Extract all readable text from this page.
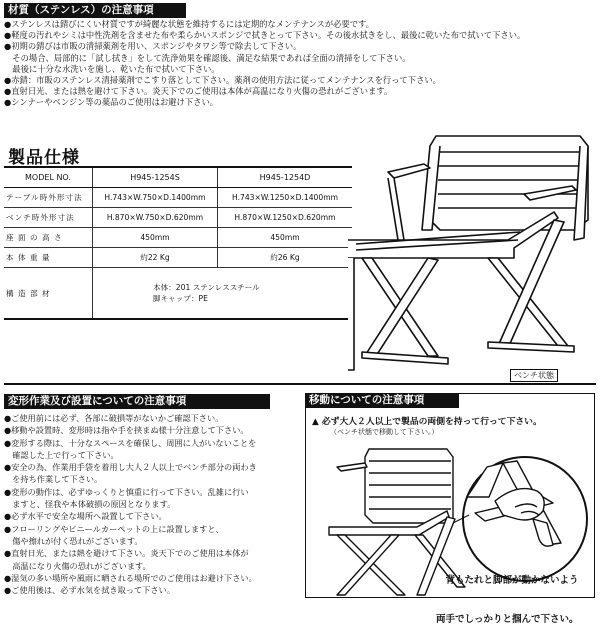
材質（ステンレス）の注意事項
●ステンレスは錆びにくい材質ですが綺麗な状態を維持するには定期的なメンテナンスが必要です。
●軽度の汚れやシミは中性洗剤を含ませた布や柔らかいスポンジで拭きとって下さい。その後水拭きをし、最後に乾いた布で拭いて下さい。
●初期の錆びは市販の清掃薬剤を用い、スポンジやタワシ等で除去して下さい。
　その場合、局部的に「試し拭き」をして洗浄効果を確認後、満足な結果であれば全面の清掃をして下さい。
　最後に十分な水洗いを施し、乾いた布で拭いて下さい。
●赤錆：市販のステンレス清掃薬剤でこすり落として下さい。薬剤の使用方法に従ってメンテナンスを行って下さい。
●直射日光、または熱を避けて下さい。炎天下でのご使用は本体が高温になり火傷の恐れがございます。
●シンナーやベンジン等の薬品のご使用はお避け下さい。
製品仕様
MODEL NO.	H945-1254S	H945-1254D
テーブル時外形寸法	H.743×W.750×D.1400mm	H.743×W.1250×D.1400mm
ベンチ時外形寸法	H.870×W.750×D.620mm	H.870×W.1250×D.620mm
座 面 の 高 さ	450mm	450mm
本 体 重 量	約22 Kg	約26 Kg
構 造 部 材	本体：201 ステンレススチール
脚キャップ：PE	
ベンチ状態
変形作業及び設置についての注意事項
●ご使用前には必ず、各部に破損等がないかご確認下さい。
●移動や設置時、変形時は指や手を挟まぬ様十分注意して下さい。
●変形する際は、十分なスペースを確保し、周囲に人がいないことを
　確認した上で行って下さい。
●安全の為、作業用手袋を着用し大人２人以上でベンチ部分の両わき
　を持ち作業して下さい。
●変形の動作は、必ずゆっくりと慎重に行って下さい。乱雑に行い
　ますと、怪我や本体破損の原因となります。
●必ず水平で安全な場所へ設置して下さい。
●フローリングやビニールカーペットの上に設置しますと、
　傷や擦れが付く恐れがございます。
●直射日光、または熱を避けて下さい。炎天下でのご使用は本体が
　高温になり火傷の恐れがございます。
●湿気の多い場所や風雨に晒される場所でのご使用はお避け下さい。
●ご使用後は、必ず水気を拭き取って下さい。
移動についての注意事項
▲ 必ず大人２人以上で製品の両側を持って行って下さい。
（ベンチ状態で移動して下さい。）

背もたれと脚部が動かないよう

両手でしっかりと掴んで下さい。
